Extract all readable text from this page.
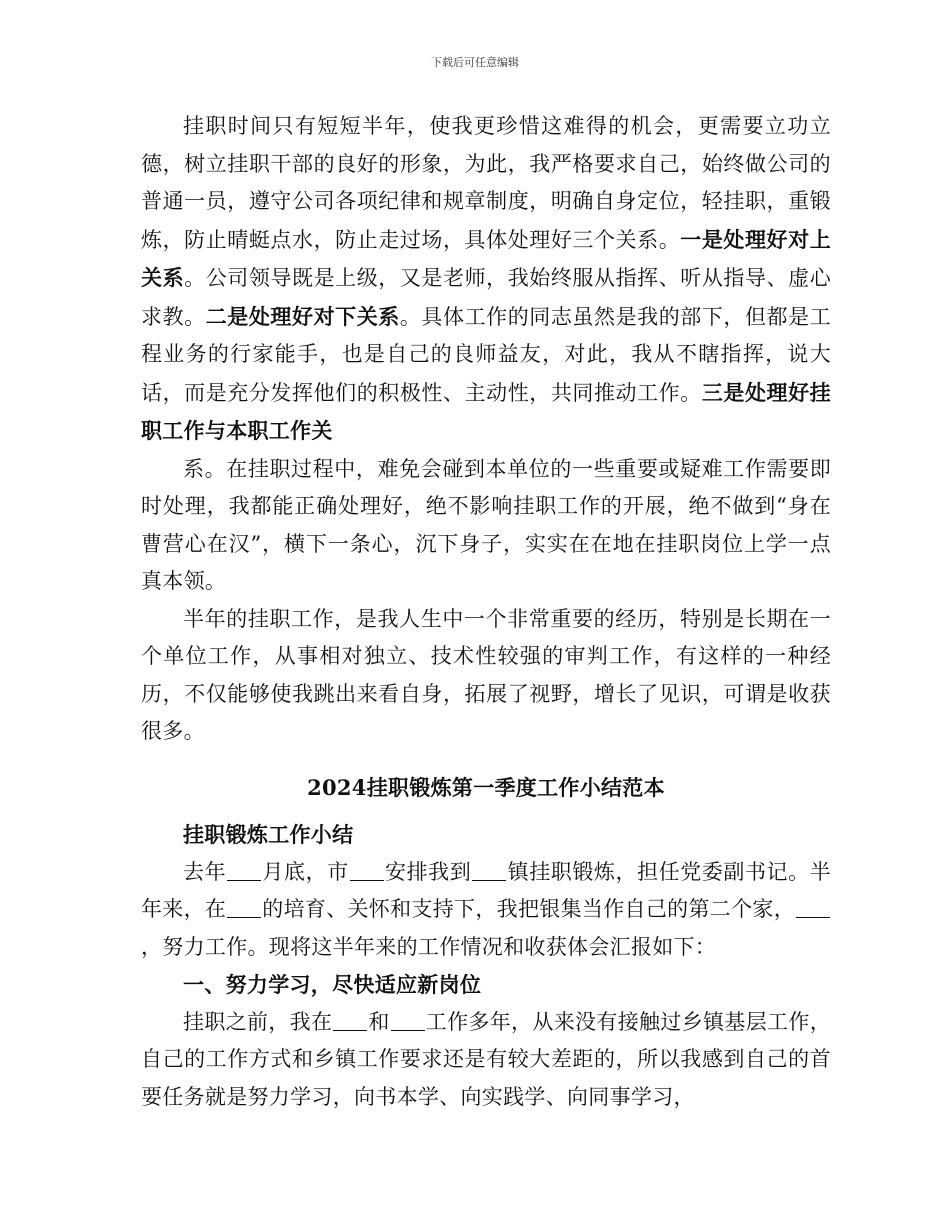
下载后可任意编辑

挂职时间只有短短半年，使我更珍惜这难得的机会，更需要立功立德，树立挂职干部的良好的形象，为此，我严格要求自己，始终做公司的普通一员，遵守公司各项纪律和规章制度，明确自身定位，轻挂职，重锻炼，防止晴蜓点水，防止走过场，具体处理好三个关系。一是处理好对上关系。公司领导既是上级，又是老师，我始终服从指挥、听从指导、虚心求教。二是处理好对下关系。具体工作的同志虽然是我的部下，但都是工程业务的行家能手，也是自己的良师益友，对此，我从不瞎指挥，说大话，而是充分发挥他们的积极性、主动性，共同推动工作。三是处理好挂职工作与本职工作关

系。在挂职过程中，难免会碰到本单位的一些重要或疑难工作需要即时处理，我都能正确处理好，绝不影响挂职工作的开展，绝不做到“身在曹营心在汉”，横下一条心，沉下身子，实实在在地在挂职岗位上学一点真本领。

半年的挂职工作，是我人生中一个非常重要的经历，特别是长期在一个单位工作，从事相对独立、技术性较强的审判工作，有这样的一种经历，不仅能够使我跳出来看自身，拓展了视野，增长了见识，可谓是收获很多。

2024挂职锻炼第一季度工作小结范本

挂职锻炼工作小结

去年 月底，市 安排我到 镇挂职锻炼，担任党委副书记。半年来，在 的培育、关怀和支持下，我把银集当作自己的第二个家，，努力工作。现将这半年来的工作情况和收获体会汇报如下：

一、努力学习，尽快适应新岗位

挂职之前，我在 和 工作多年，从来没有接触过乡镇基层工作，自己的工作方式和乡镇工作要求还是有较大差距的，所以我感到自己的首要任务就是努力学习，向书本学、向实践学、向同事学习，
